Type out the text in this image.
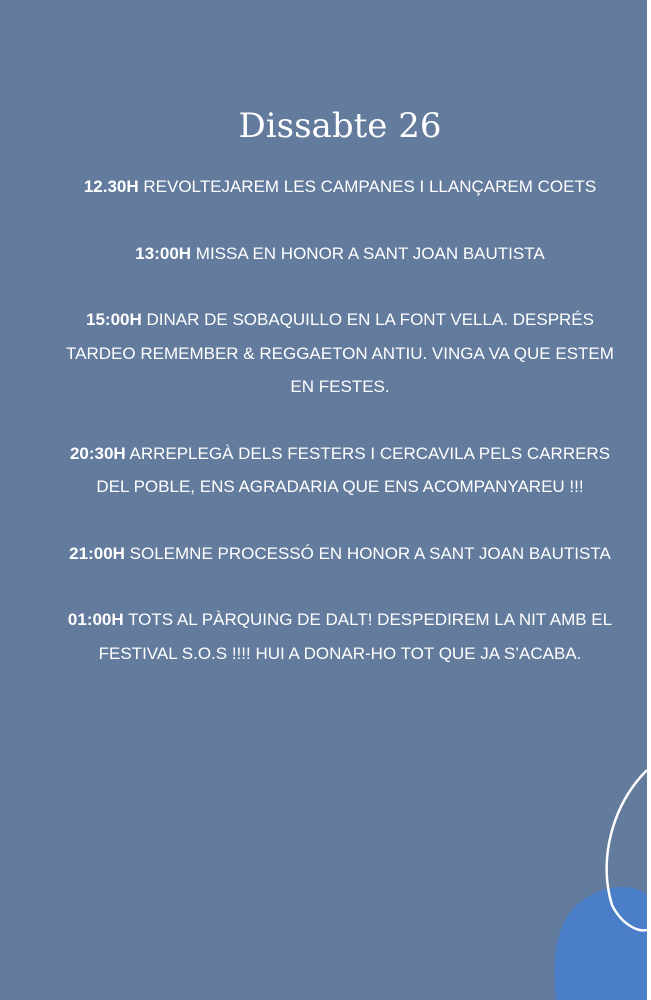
Dissabte 26

12.30H REVOLTEJAREM LES CAMPANES I LLANÇAREM COETS

13:00H MISSA EN HONOR A SANT JOAN BAUTISTA

15:00H DINAR DE SOBAQUILLO EN LA FONT VELLA. DESPRÉS TARDEO REMEMBER & REGGAETON ANTIU. VINGA VA QUE ESTEM EN FESTES.

20:30H ARREPLEGÀ DELS FESTERS I CERCAVILA PELS CARRERS DEL POBLE, ENS AGRADARIA QUE ENS ACOMPANYAREU !!!

21:00H SOLEMNE PROCESSÓ EN HONOR A SANT JOAN BAUTISTA

01:00H TOTS AL PÀRQUING DE DALT! DESPEDIREM LA NIT AMB EL FESTIVAL S.O.S !!!! HUI A DONAR-HO TOT QUE JA S’ACABA.
